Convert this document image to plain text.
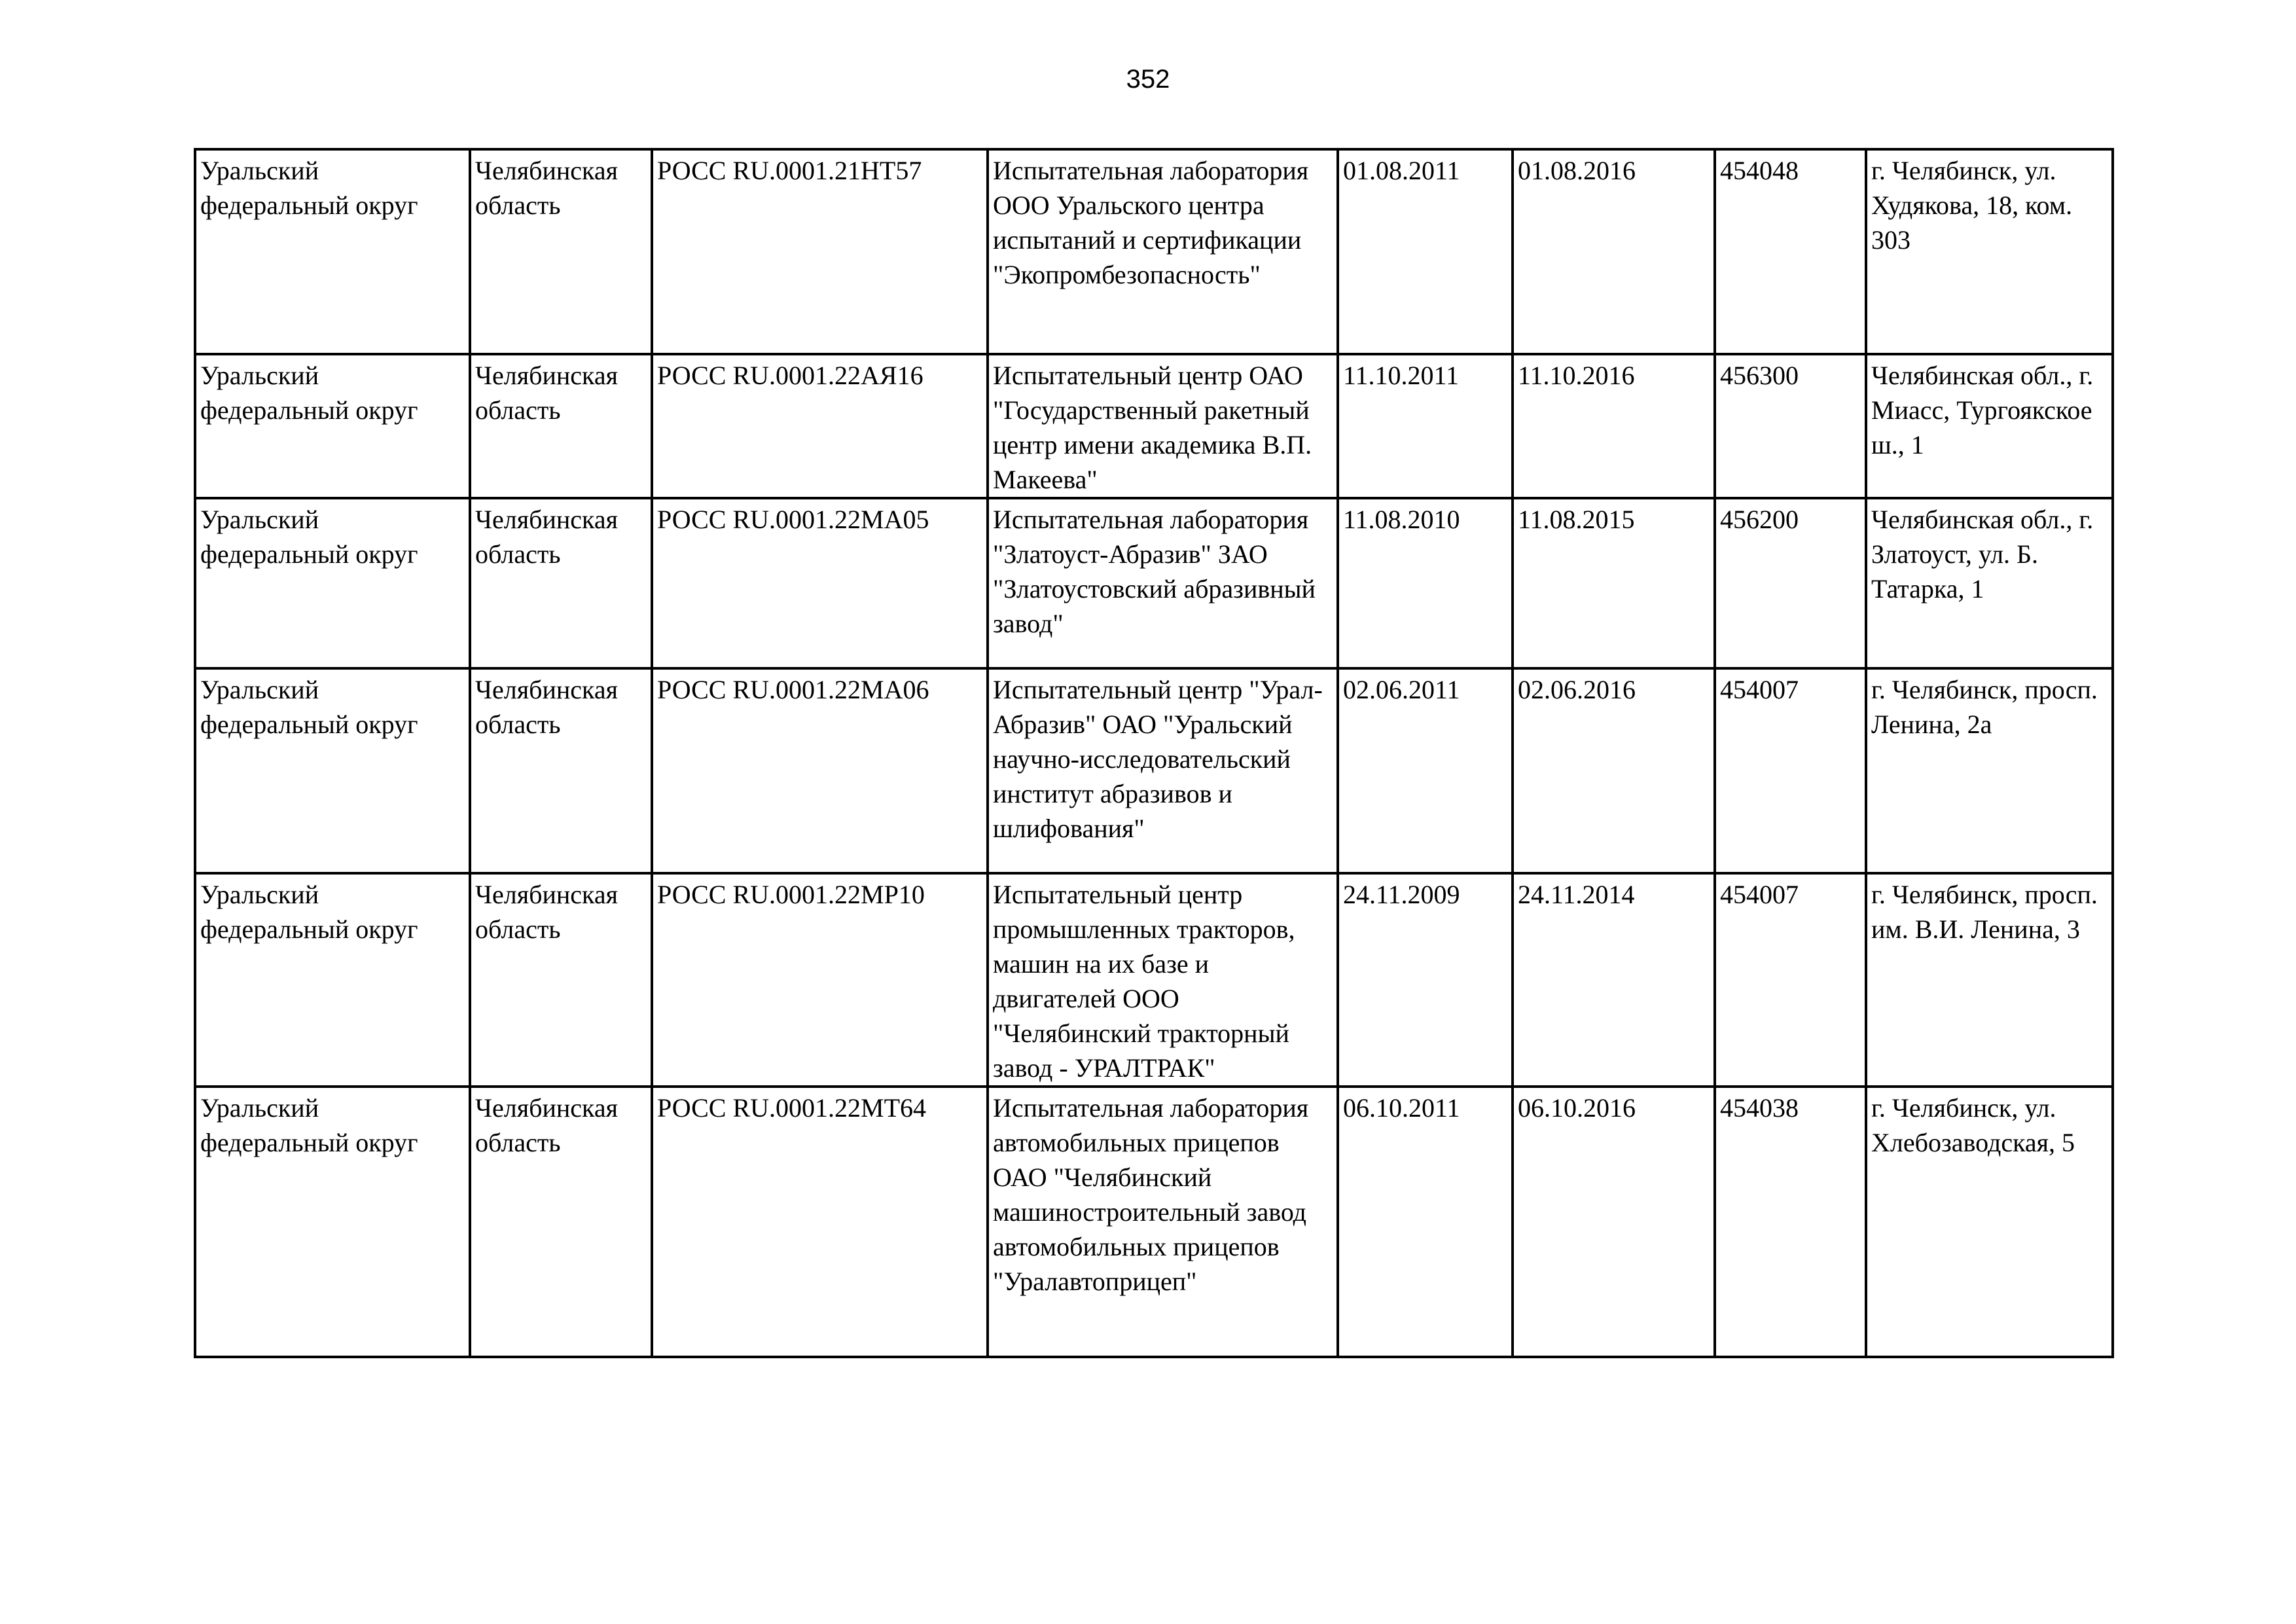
352
Уральский федеральный округ	Челябинская область	РОСС RU.0001.21НТ57	Испытательная лаборатория ООО Уральского центра испытаний и сертификации "Экопромбезопасность"	01.08.2011	01.08.2016	454048	г. Челябинск, ул. Худякова, 18, ком. 303
Уральский федеральный округ	Челябинская область	РОСС RU.0001.22АЯ16	Испытательный центр ОАО "Государственный ракетный центр имени академика В.П. Макеева"	11.10.2011	11.10.2016	456300	Челябинская обл., г. Миасс, Тургоякское ш., 1
Уральский федеральный округ	Челябинская область	РОСС RU.0001.22МА05	Испытательная лаборатория "Златоуст-Абразив" ЗАО "Златоустовский абразивный завод"	11.08.2010	11.08.2015	456200	Челябинская обл., г. Златоуст, ул. Б. Татарка, 1
Уральский федеральный округ	Челябинская область	РОСС RU.0001.22МА06	Испытательный центр "Урал-Абразив" ОАО "Уральский научно-исследовательский институт абразивов и шлифования"	02.06.2011	02.06.2016	454007	г. Челябинск, просп. Ленина, 2а
Уральский федеральный округ	Челябинская область	РОСС RU.0001.22МР10	Испытательный центр промышленных тракторов, машин на их базе и двигателей ООО "Челябинский тракторный завод - УРАЛТРАК"	24.11.2009	24.11.2014	454007	г. Челябинск, просп. им. В.И. Ленина, 3
Уральский федеральный округ	Челябинская область	РОСС RU.0001.22МТ64	Испытательная лаборатория автомобильных прицепов ОАО "Челябинский машиностроительный завод автомобильных прицепов "Уралавтоприцеп"	06.10.2011	06.10.2016	454038	г. Челябинск, ул. Хлебозаводская, 5
